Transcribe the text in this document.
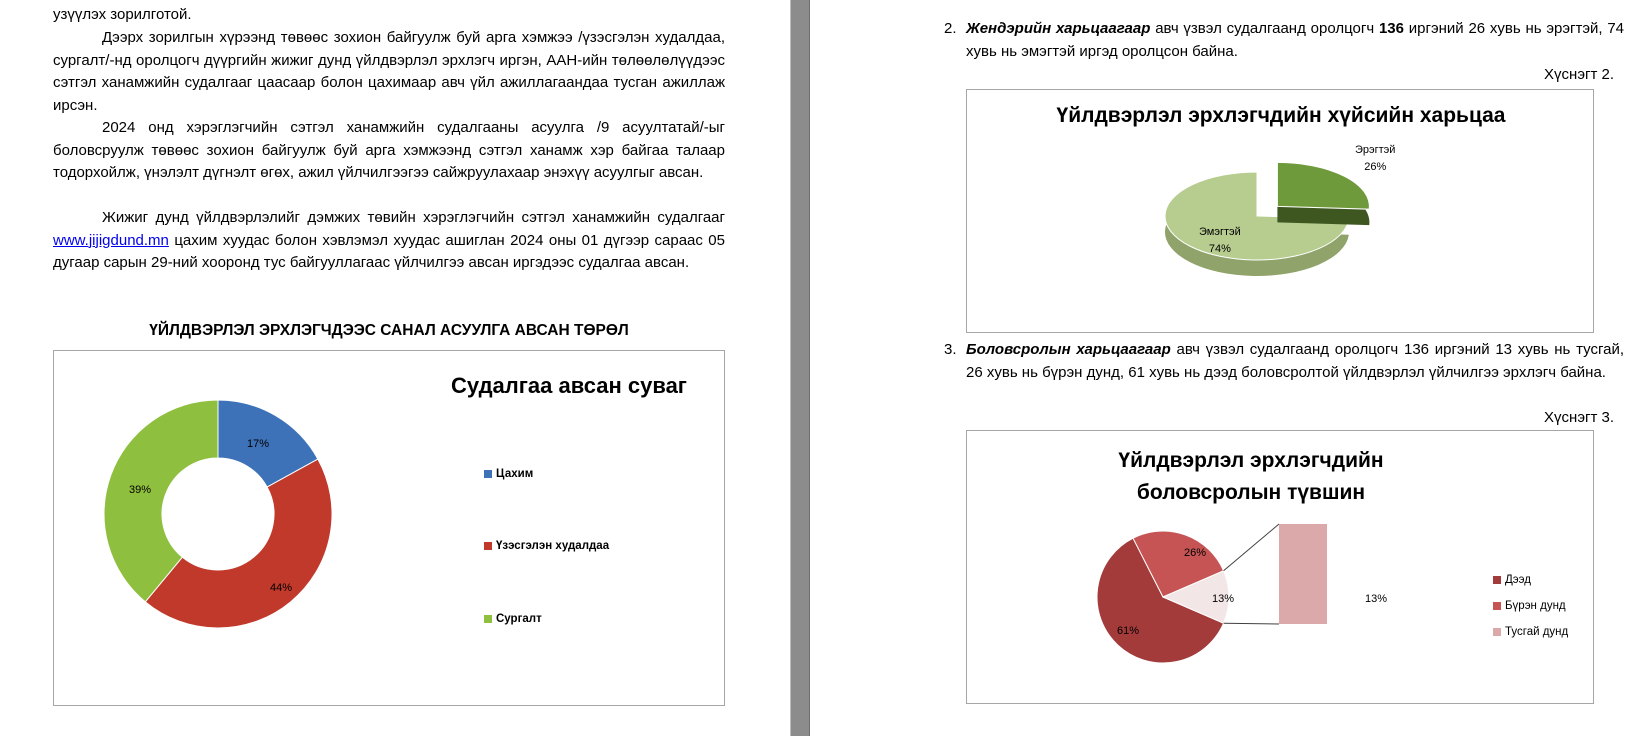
узүүлэх зорилготой.

Дээрх зорилгын хүрээнд төвөөс зохион байгуулж буй арга хэмжээ /үзэсгэлэн худалдаа, сургалт/-нд оролцогч дүүргийн жижиг дунд үйлдвэрлэл эрхлэгч иргэн, ААН-ийн төлөөлөлүүдээс сэтгэл ханамжийн судалгааг цаасаар болон цахимаар авч үйл ажиллагаандаа тусган ажиллаж ирсэн.

2024 онд хэрэглэгчийн сэтгэл ханамжийн судалгааны асуулга /9 асуултатай/-ыг боловсруулж төвөөс зохион байгуулж буй арга хэмжээнд сэтгэл ханамж хэр байгаа талаар тодорхойлж, үнэлэлт дүгнэлт өгөх, ажил үйлчилгээгээ сайжруулахаар энэхүү асуулгыг авсан.

Жижиг дунд үйлдвэрлэлийг дэмжих төвийн хэрэглэгчийн сэтгэл ханамжийн судалгааг www.jijigdund.mn цахим хуудас болон хэвлэмэл хуудас ашиглан 2024 оны 01 дүгээр сараас 05 дугаар сарын 29-ний хооронд тус байгууллагаас үйлчилгээ авсан иргэдээс судалгаа авсан.

ҮЙЛДВЭРЛЭЛ ЭРХЛЭГЧДЭЭС САНАЛ АСУУЛГА АВСАН ТӨРӨЛ

Судалгаа авсан суваг

Цахим
Үзэсгэлэн худалдаа
Сургалт
17%
44%
39%

2. Жендэрийн харьцаагаар авч үзвэл судалгаанд оролцогч 136 иргэний 26 хувь нь эрэгтэй, 74 хувь нь эмэгтэй иргэд оролцсон байна.

Хүснэгт 2.

Үйлдвэрлэл эрхлэгчдийн хүйсийн харьцаа

Эрэгтэй
26%
Эмэгтэй
74%

3. Боловсролын харьцаагаар авч үзвэл судалгаанд оролцогч 136 иргэний 13 хувь нь тусгай, 26 хувь нь бүрэн дунд, 61 хувь нь дээд боловсролтой үйлдвэрлэл үйлчилгээ эрхлэгч байна.

Хүснэгт 3.

Үйлдвэрлэл эрхлэгчдийн боловсролын түвшин

Дээд
Бүрэн дунд
Тусгай дунд
61%
26%
13%	13%
